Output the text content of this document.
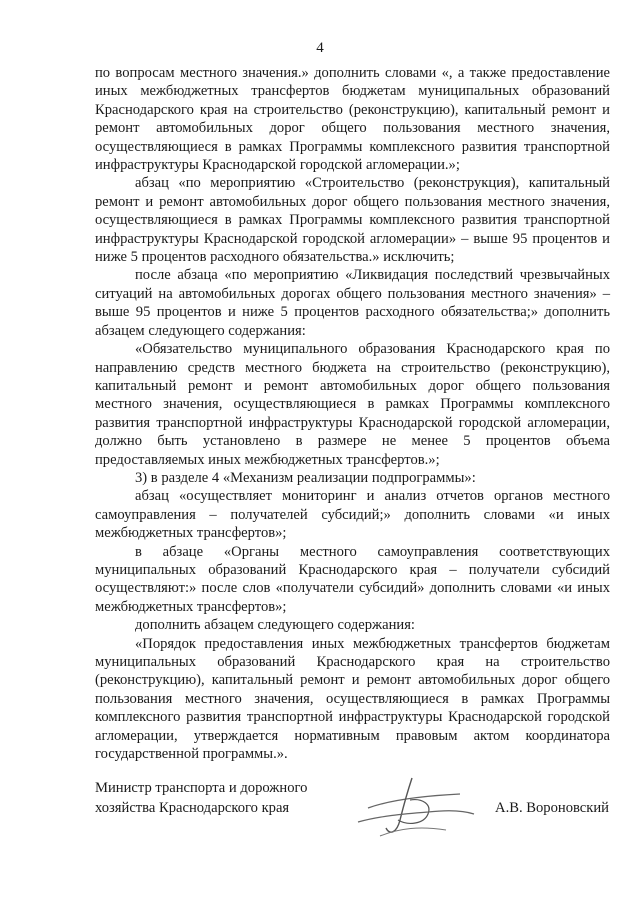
4

по вопросам местного значения.» дополнить словами «, а также предоставление иных межбюджетных трансфертов бюджетам муниципальных образований Краснодарского края на строительство (реконструкцию), капитальный ремонт и ремонт автомобильных дорог общего пользования местного значения, осуществляющиеся в рамках Программы комплексного развития транспортной инфраструктуры Краснодарской городской агломерации.»;

абзац «по мероприятию «Строительство (реконструкция), капитальный ремонт и ремонт автомобильных дорог общего пользования местного значения, осуществляющиеся в рамках Программы комплексного развития транспортной инфраструктуры Краснодарской городской агломерации» – выше 95 процентов и ниже 5 процентов расходного обязательства.» исключить;

после абзаца «по мероприятию «Ликвидация последствий чрезвычайных ситуаций на автомобильных дорогах общего пользования местного значения» – выше 95 процентов и ниже 5 процентов расходного обязательства;» дополнить абзацем следующего содержания:

«Обязательство муниципального образования Краснодарского края по направлению средств местного бюджета на строительство (реконструкцию), капитальный ремонт и ремонт автомобильных дорог общего пользования местного значения, осуществляющиеся в рамках Программы комплексного развития транспортной инфраструктуры Краснодарской городской агломерации, должно быть установлено в размере не менее 5 процентов объема предоставляемых иных межбюджетных трансфертов.»;

3) в разделе 4 «Механизм реализации подпрограммы»:

абзац «осуществляет мониторинг и анализ отчетов органов местного самоуправления – получателей субсидий;» дополнить словами «и иных межбюджетных трансфертов»;

в абзаце «Органы местного самоуправления соответствующих муниципальных образований Краснодарского края – получатели субсидий осуществляют:» после слов «получатели субсидий» дополнить словами «и иных межбюджетных трансфертов»;

дополнить абзацем следующего содержания:

«Порядок предоставления иных межбюджетных трансфертов бюджетам муниципальных образований Краснодарского края на строительство (реконструкцию), капитальный ремонт и ремонт автомобильных дорог общего пользования местного значения, осуществляющиеся в рамках Программы комплексного развития транспортной инфраструктуры Краснодарской городской агломерации, утверждается нормативным правовым актом координатора государственной программы.».

Министр транспорта и дорожного
хозяйства Краснодарского края	А.В. Вороновский
